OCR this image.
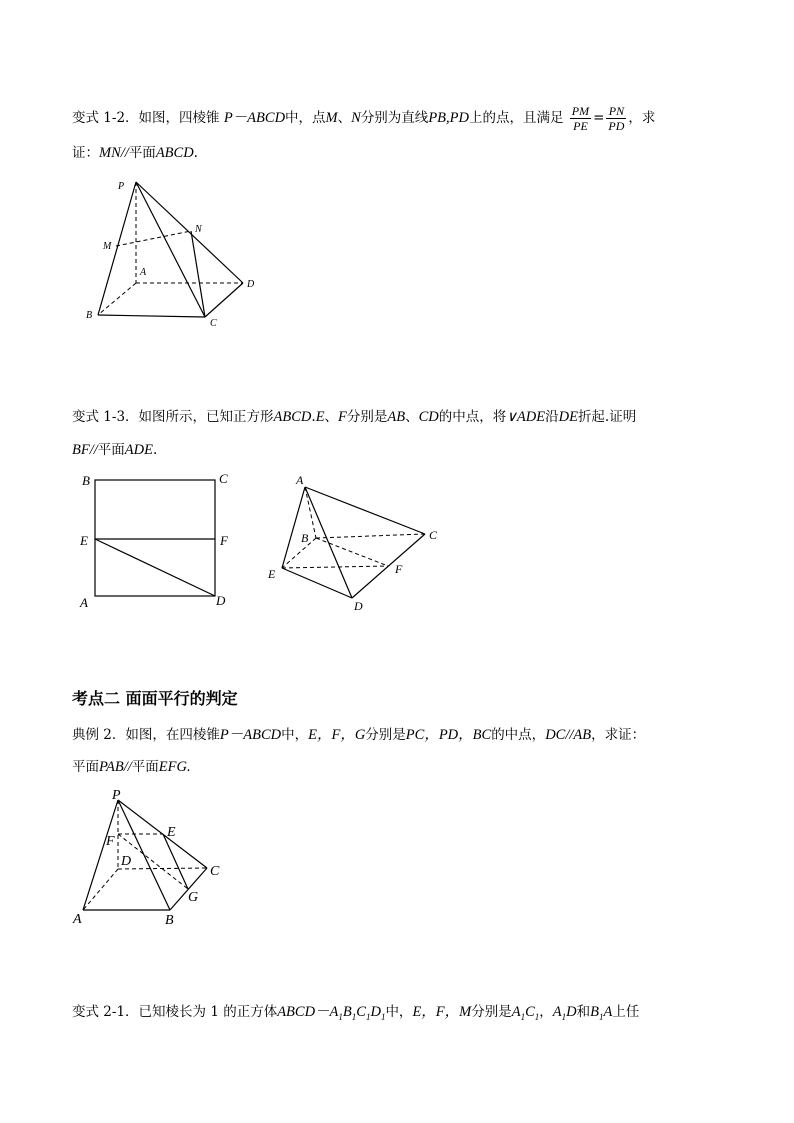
变式 1-2．如图，四棱锥 P－ABCD中，点M、N分别为直线PB,PD上的点，且满足 $\frac{PM}{PE} = \frac{PN}{PD}$ ，求
证：MN//平面ABCD.
P
N
M
A
D
B
C
变式 1-3．如图所示，已知正方形ABCD.E、F分别是AB、CD的中点，将∨ADE沿DE折起.证明
BF//平面ADE.
B	C
E	F
A	D
A
B	C
E	F
D
考点二 面面平行的判定
典例 2．如图，在四棱锥P－ABCD中，E，F，G分别是PC，PD，BC的中点，DC//AB，求证：
平面PAB//平面EFG.
P
E
F
D
C
G
A	B
变式 2-1．已知棱长为 1 的正方体$ABCD-A_1B_1C_1D_1$中，E，F，M分别是$A_1C_1$，$A_1D$和$B_1A$上任
